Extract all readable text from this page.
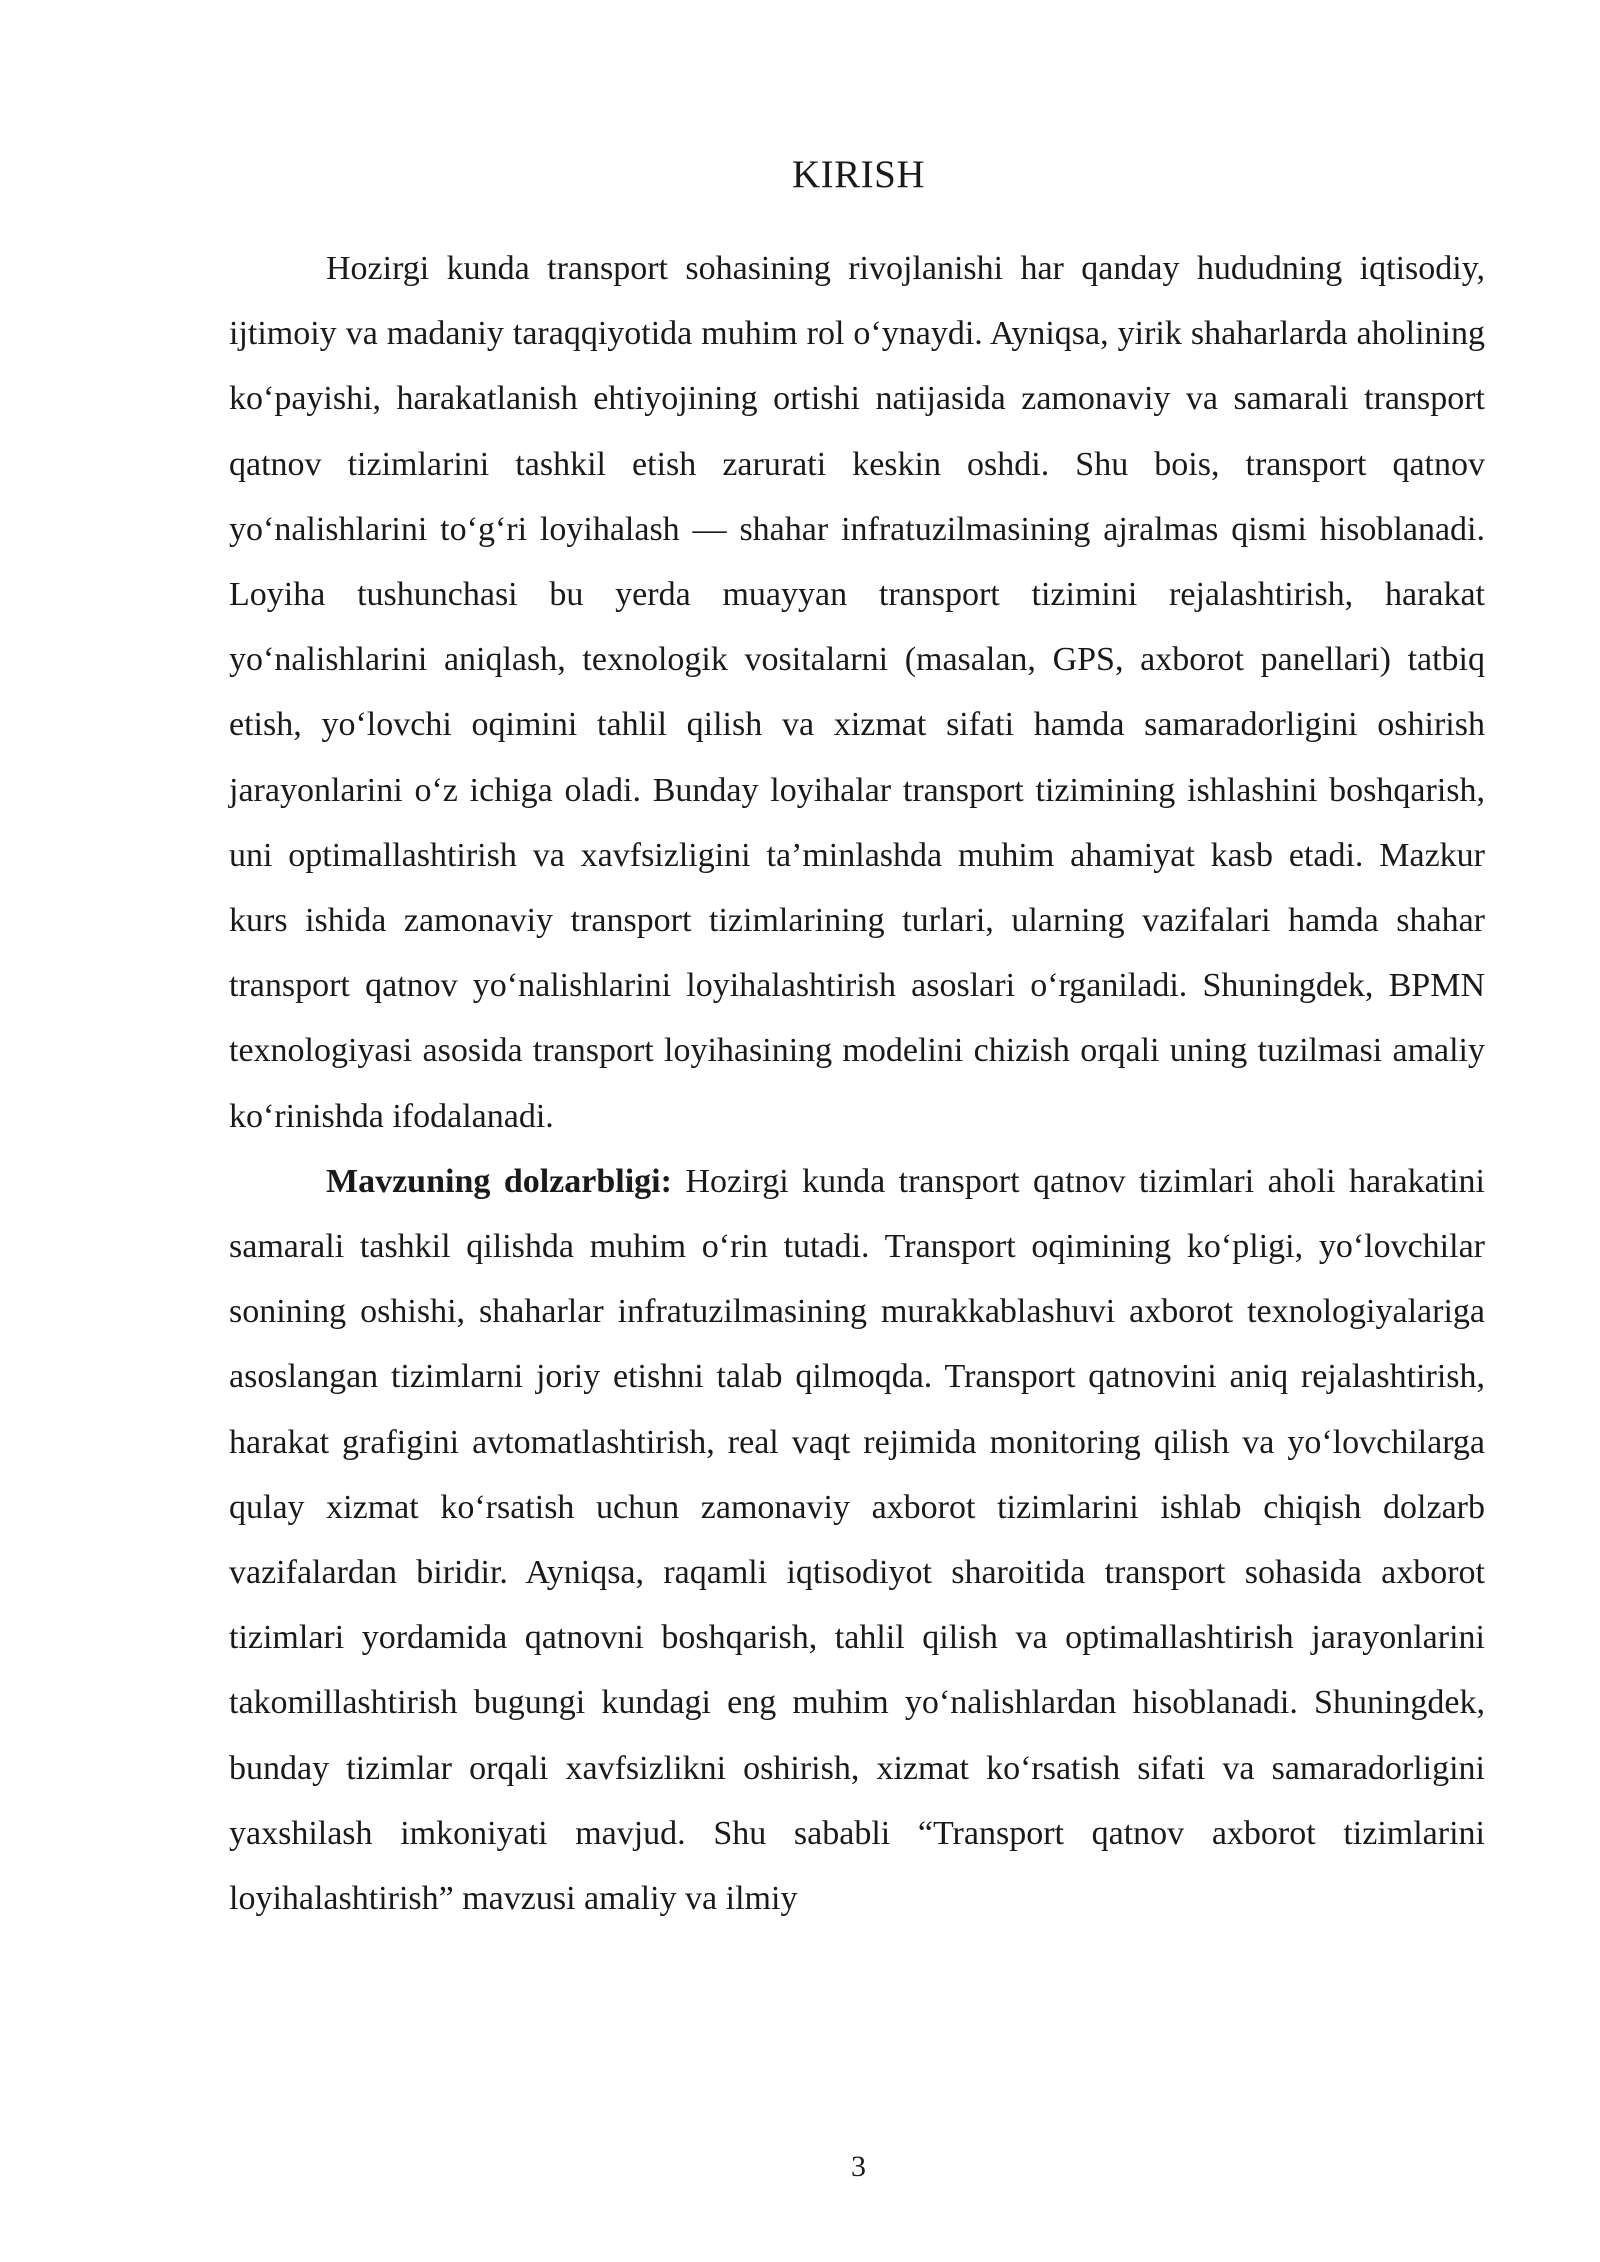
KIRISH

Hozirgi kunda transport sohasining rivojlanishi har qanday hududning iqtisodiy, ijtimoiy va madaniy taraqqiyotida muhim rol o‘ynaydi. Ayniqsa, yirik shaharlarda aholining ko‘payishi, harakatlanish ehtiyojining ortishi natijasida zamonaviy va samarali transport qatnov tizimlarini tashkil etish zarurati keskin oshdi. Shu bois, transport qatnov yo‘nalishlarini to‘g‘ri loyihalash — shahar infratuzilmasining ajralmas qismi hisoblanadi. Loyiha tushunchasi bu yerda muayyan transport tizimini rejalashtirish, harakat yo‘nalishlarini aniqlash, texnologik vositalarni (masalan, GPS, axborot panellari) tatbiq etish, yo‘lovchi oqimini tahlil qilish va xizmat sifati hamda samaradorligini oshirish jarayonlarini o‘z ichiga oladi. Bunday loyihalar transport tizimining ishlashini boshqarish, uni optimallashtirish va xavfsizligini ta’minlashda muhim ahamiyat kasb etadi. Mazkur kurs ishida zamonaviy transport tizimlarining turlari, ularning vazifalari hamda shahar transport qatnov yo‘nalishlarini loyihalashtirish asoslari o‘rganiladi. Shuningdek, BPMN texnologiyasi asosida transport loyihasining modelini chizish orqali uning tuzilmasi amaliy ko‘rinishda ifodalanadi.

Mavzuning dolzarbligi: Hozirgi kunda transport qatnov tizimlari aholi harakatini samarali tashkil qilishda muhim o‘rin tutadi. Transport oqimining ko‘pligi, yo‘lovchilar sonining oshishi, shaharlar infratuzilmasining murakkablashuvi axborot texnologiyalariga asoslangan tizimlarni joriy etishni talab qilmoqda. Transport qatnovini aniq rejalashtirish, harakat grafigini avtomatlashtirish, real vaqt rejimida monitoring qilish va yo‘lovchilarga qulay xizmat ko‘rsatish uchun zamonaviy axborot tizimlarini ishlab chiqish dolzarb vazifalardan biridir. Ayniqsa, raqamli iqtisodiyot sharoitida transport sohasida axborot tizimlari yordamida qatnovni boshqarish, tahlil qilish va optimallashtirish jarayonlarini takomillashtirish bugungi kundagi eng muhim yo‘nalishlardan hisoblanadi. Shuningdek, bunday tizimlar orqali xavfsizlikni oshirish, xizmat ko‘rsatish sifati va samaradorligini yaxshilash imkoniyati mavjud. Shu sababli “Transport qatnov axborot tizimlarini loyihalashtirish” mavzusi amaliy va ilmiy

3
